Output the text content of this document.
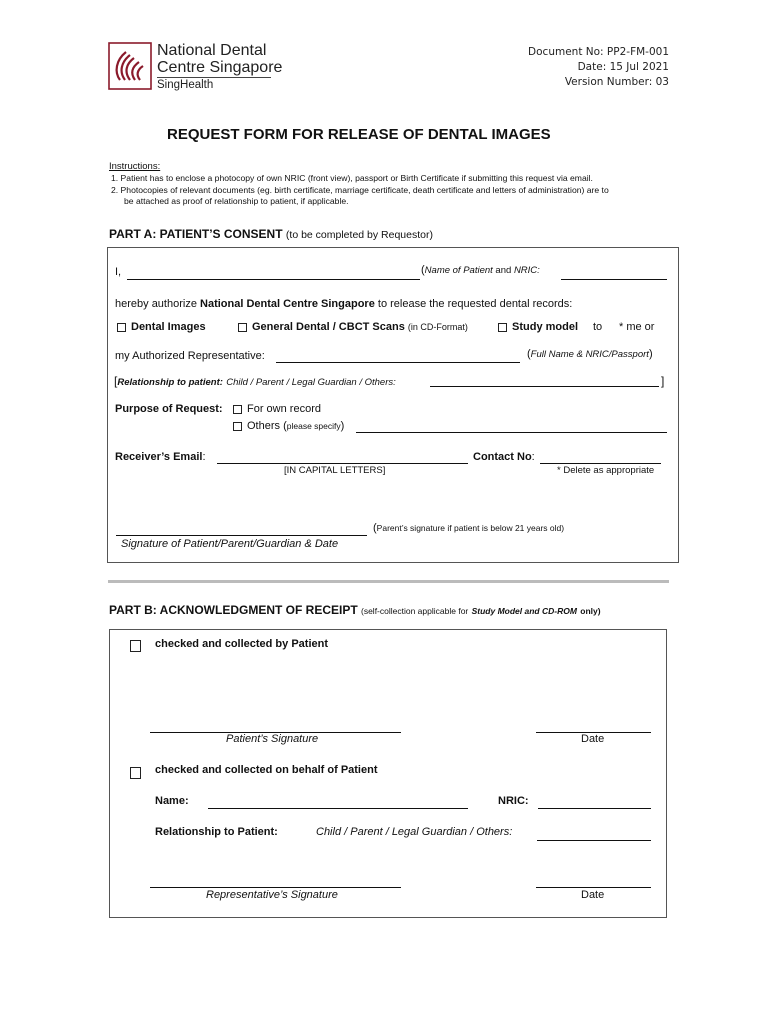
National Dental
Centre Singapore
SingHealth
Document No: PP2-FM-001
Date: 15 Jul 2021
Version Number: 03
REQUEST FORM FOR RELEASE OF DENTAL IMAGES
Instructions:
1. Patient has to enclose a photocopy of own NRIC (front view), passport or Birth Certificate if submitting this request via email.
2. Photocopies of relevant documents (eg. birth certificate, marriage certificate, death certificate and letters of administration) are to
be attached as proof of relationship to patient, if applicable.
PART A: PATIENT’S CONSENT (to be completed by Requestor)
I,	(Name of Patient and NRIC:
hereby authorize National Dental Centre Singapore to release the requested dental records:
Dental Images	General Dental / CBCT Scans (in CD-Format)	Study model to * me or
my Authorized Representative:	(Full Name & NRIC/Passport)
[Relationship to patient: Child / Parent / Legal Guardian / Others:	]
Purpose of Request:	For own record
Others (please specify)
Receiver’s Email:	Contact No:
[IN CAPITAL LETTERS]	* Delete as appropriate
(Parent’s signature if patient is below 21 years old)
Signature of Patient/Parent/Guardian & Date
PART B: ACKNOWLEDGMENT OF RECEIPT (self-collection applicable for Study Model and CD-ROM only)
checked and collected by Patient
Patient’s Signature	Date
checked and collected on behalf of Patient
Name:	NRIC:
Relationship to Patient:	Child / Parent / Legal Guardian / Others:
Representative’s Signature	Date
